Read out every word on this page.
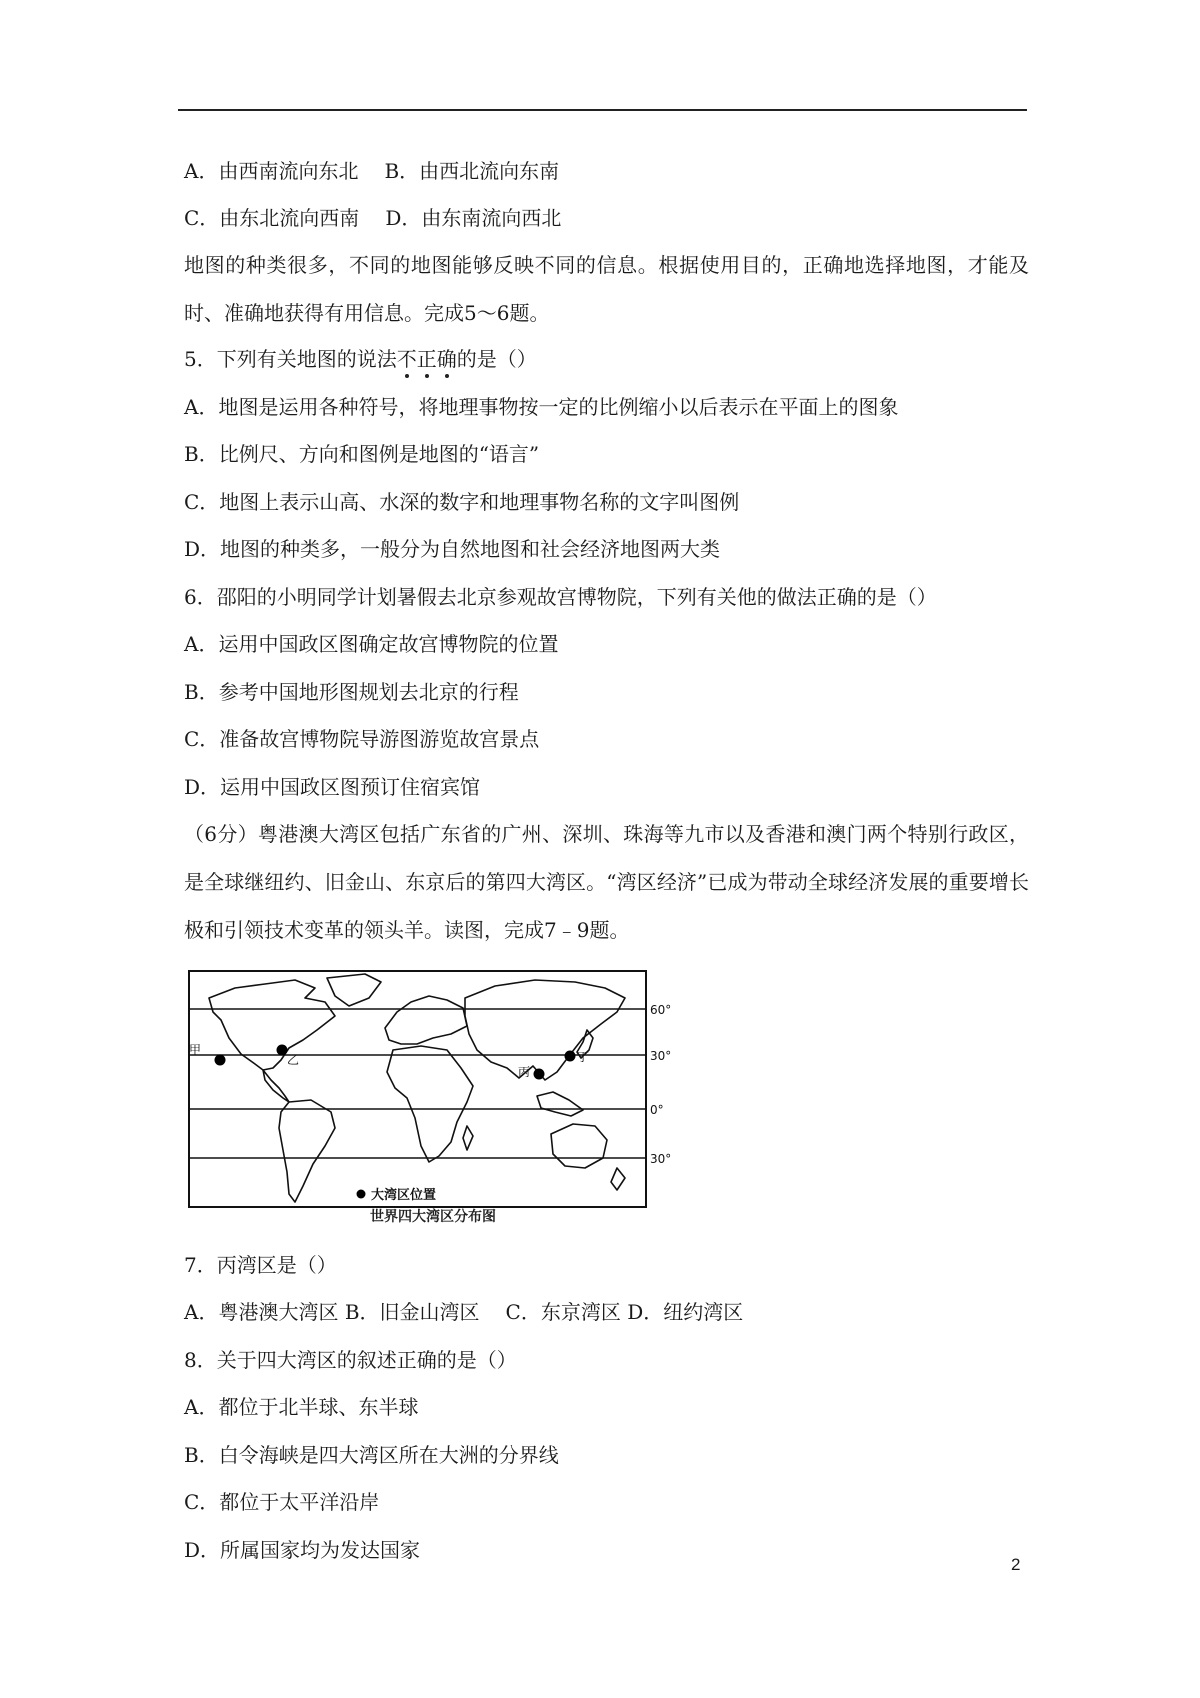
A．由西南流向东北 B．由西北流向东南
C．由东北流向西南 D．由东南流向西北
地图的种类很多，不同的地图能够反映不同的信息。根据使用目的，正确地选择地图，才能及时、准确地获得有用信息。完成5～6题。
5．下列有关地图的说法不正确的是（）
A．地图是运用各种符号，将地理事物按一定的比例缩小以后表示在平面上的图象
B．比例尺、方向和图例是地图的“语言”
C．地图上表示山高、水深的数字和地理事物名称的文字叫图例
D．地图的种类多，一般分为自然地图和社会经济地图两大类
6．邵阳的小明同学计划暑假去北京参观故宫博物院，下列有关他的做法正确的是（）
A．运用中国政区图确定故宫博物院的位置
B．参考中国地形图规划去北京的行程
C．准备故宫博物院导游图游览故宫景点
D．运用中国政区图预订住宿宾馆
（6分）粤港澳大湾区包括广东省的广州、深圳、珠海等九市以及香港和澳门两个特别行政区，是全球继纽约、旧金山、东京后的第四大湾区。“湾区经济”已成为带动全球经济发展的重要增长极和引领技术变革的领头羊。读图，完成7﹣9题。
甲
乙
丙
丁
60°
30°
0°
30°
大湾区位置
世界四大湾区分布图
7．丙湾区是（）
A．粤港澳大湾区 B．旧金山湾区 C．东京湾区 D．纽约湾区
8．关于四大湾区的叙述正确的是（）
A．都位于北半球、东半球
B．白令海峡是四大湾区所在大洲的分界线
C．都位于太平洋沿岸
D．所属国家均为发达国家
2
